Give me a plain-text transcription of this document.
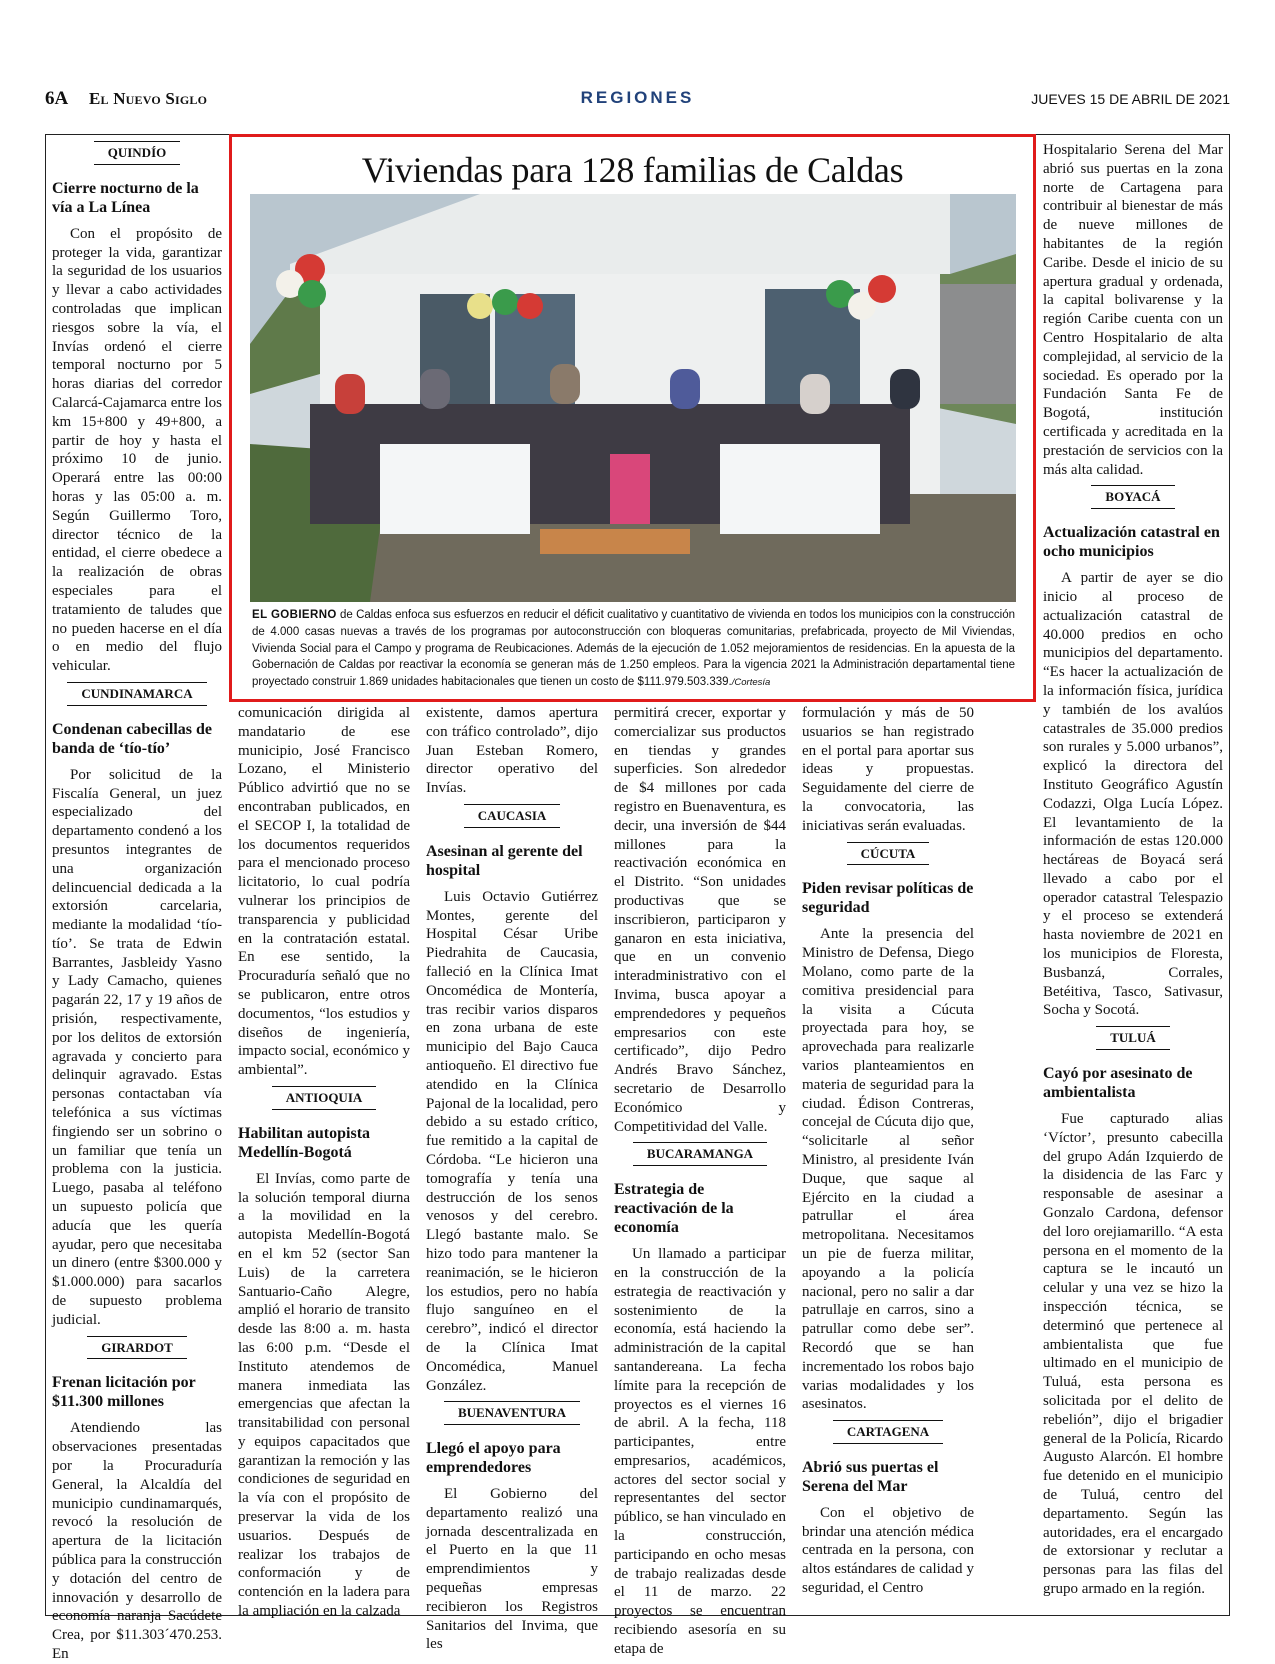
6A El Nuevo Siglo	REGIONES	JUEVES 15 DE ABRIL DE 2021
QUINDÍO
Cierre nocturno de la vía a La Línea

Con el propósito de proteger la vida, garantizar la seguridad de los usuarios y llevar a cabo actividades controladas que implican riesgos sobre la vía, el Invías ordenó el cierre temporal nocturno por 5 horas diarias del corredor Calarcá-Cajamarca entre los km 15+800 y 49+800, a partir de hoy y hasta el próximo 10 de junio. Operará entre las 00:00 horas y las 05:00 a. m. Según Guillermo Toro, director técnico de la entidad, el cierre obedece a la realización de obras especiales para el tratamiento de taludes que no pueden hacerse en el día o en medio del flujo vehicular.

CUNDINAMARCA
Condenan cabecillas de banda de ‘tío-tío’

Por solicitud de la Fiscalía General, un juez especializado del departamento condenó a los presuntos integrantes de una organización delincuencial dedicada a la extorsión carcelaria, mediante la modalidad ‘tío-tío’. Se trata de Edwin Barrantes, Jasbleidy Yasno y Lady Camacho, quienes pagarán 22, 17 y 19 años de prisión, respectivamente, por los delitos de extorsión agravada y concierto para delinquir agravado. Estas personas contactaban vía telefónica a sus víctimas fingiendo ser un sobrino o un familiar que tenía un problema con la justicia. Luego, pasaba al teléfono un supuesto policía que aducía que les quería ayudar, pero que necesitaba un dinero (entre $300.000 y $1.000.000) para sacarlos de supuesto problema judicial.

GIRARDOT
Frenan licitación por $11.300 millones

Atendiendo las observaciones presentadas por la Procuraduría General, la Alcaldía del municipio cundinamarqués, revocó la resolución de apertura de la licitación pública para la construcción y dotación del centro de innovación y desarrollo de economía naranja Sacúdete Crea, por $11.303´470.253. En

Viviendas para 128 familias de Caldas
EL GOBIERNO de Caldas enfoca sus esfuerzos en reducir el déficit cualitativo y cuantitativo de vivienda en todos los municipios con la construcción de 4.000 casas nuevas a través de los programas por autoconstrucción con bloqueras comunitarias, prefabricada, proyecto de Mil Viviendas, Vivienda Social para el Campo y programa de Reubicaciones. Además de la ejecución de 1.052 mejoramientos de residencias. En la apuesta de la Gobernación de Caldas por reactivar la economía se generan más de 1.250 empleos. Para la vigencia 2021 la Administración departamental tiene proyectado construir 1.869 unidades habitacionales que tienen un costo de $111.979.503.339./Cortesía

comunicación dirigida al mandatario de ese municipio, José Francisco Lozano, el Ministerio Público advirtió que no se encontraban publicados, en el SECOP I, la totalidad de los documentos requeridos para el mencionado proceso licitatorio, lo cual podría vulnerar los principios de transparencia y publicidad en la contratación estatal. En ese sentido, la Procuraduría señaló que no se publicaron, entre otros documentos, “los estudios y diseños de ingeniería, impacto social, económico y ambiental”.

ANTIOQUIA
Habilitan autopista Medellín-Bogotá

El Invías, como parte de la solución temporal diurna a la movilidad en la autopista Medellín-Bogotá en el km 52 (sector San Luis) de la carretera Santuario-Caño Alegre, amplió el horario de transito desde las 8:00 a. m. hasta las 6:00 p.m. “Desde el Instituto atendemos de manera inmediata las emergencias que afectan la transitabilidad con personal y equipos capacitados que garantizan la remoción y las condiciones de seguridad en la vía con el propósito de preservar la vida de los usuarios. Después de realizar los trabajos de conformación y de contención en la ladera para la ampliación en la calzada

existente, damos apertura con tráfico controlado”, dijo Juan Esteban Romero, director operativo del Invías.

CAUCASIA
Asesinan al gerente del hospital

Luis Octavio Gutiérrez Montes, gerente del Hospital César Uribe Piedrahita de Caucasia, falleció en la Clínica Imat Oncomédica de Montería, tras recibir varios disparos en zona urbana de este municipio del Bajo Cauca antioqueño. El directivo fue atendido en la Clínica Pajonal de la localidad, pero debido a su estado crítico, fue remitido a la capital de Córdoba. “Le hicieron una tomografía y tenía una destrucción de los senos venosos y del cerebro. Llegó bastante malo. Se hizo todo para mantener la reanimación, se le hicieron los estudios, pero no había flujo sanguíneo en el cerebro”, indicó el director de la Clínica Imat Oncomédica, Manuel González.

BUENAVENTURA
Llegó el apoyo para emprendedores

El Gobierno del departamento realizó una jornada descentralizada en el Puerto en la que 11 emprendimientos y pequeñas empresas recibieron los Registros Sanitarios del Invima, que les

permitirá crecer, exportar y comercializar sus productos en tiendas y grandes superficies. Son alrededor de $4 millones por cada registro en Buenaventura, es decir, una inversión de $44 millones para la reactivación económica en el Distrito. “Son unidades productivas que se inscribieron, participaron y ganaron en esta iniciativa, que en un convenio interadministrativo con el Invima, busca apoyar a emprendedores y pequeños empresarios con este certificado”, dijo Pedro Andrés Bravo Sánchez, secretario de Desarrollo Económico y Competitividad del Valle.

BUCARAMANGA
Estrategia de reactivación de la economía

Un llamado a participar en la construcción de la estrategia de reactivación y sostenimiento de la economía, está haciendo la administración de la capital santandereana. La fecha límite para la recepción de proyectos es el viernes 16 de abril. A la fecha, 118 participantes, entre empresarios, académicos, actores del sector social y representantes del sector público, se han vinculado en la construcción, participando en ocho mesas de trabajo realizadas desde el 11 de marzo. 22 proyectos se encuentran recibiendo asesoría en su etapa de

formulación y más de 50 usuarios se han registrado en el portal para aportar sus ideas y propuestas. Seguidamente del cierre de la convocatoria, las iniciativas serán evaluadas.

CÚCUTA
Piden revisar políticas de seguridad

Ante la presencia del Ministro de Defensa, Diego Molano, como parte de la comitiva presidencial para la visita a Cúcuta proyectada para hoy, se aprovechada para realizarle varios planteamientos en materia de seguridad para la ciudad. Édison Contreras, concejal de Cúcuta dijo que, “solicitarle al señor Ministro, al presidente Iván Duque, que saque al Ejército en la ciudad a patrullar el área metropolitana. Necesitamos un pie de fuerza militar, apoyando a la policía nacional, pero no salir a dar patrullaje en carros, sino a patrullar como debe ser”. Recordó que se han incrementado los robos bajo varias modalidades y los asesinatos.

CARTAGENA
Abrió sus puertas el Serena del Mar

Con el objetivo de brindar una atención médica centrada en la persona, con altos estándares de calidad y seguridad, el Centro

Hospitalario Serena del Mar abrió sus puertas en la zona norte de Cartagena para contribuir al bienestar de más de nueve millones de habitantes de la región Caribe. Desde el inicio de su apertura gradual y ordenada, la capital bolivarense y la región Caribe cuenta con un Centro Hospitalario de alta complejidad, al servicio de la sociedad. Es operado por la Fundación Santa Fe de Bogotá, institución certificada y acreditada en la prestación de servicios con la más alta calidad.

BOYACÁ
Actualización catastral en ocho municipios

A partir de ayer se dio inicio al proceso de actualización catastral de 40.000 predios en ocho municipios del departamento. “Es hacer la actualización de la información física, jurídica y también de los avalúos catastrales de 35.000 predios son rurales y 5.000 urbanos”, explicó la directora del Instituto Geográfico Agustín Codazzi, Olga Lucía López. El levantamiento de la información de estas 120.000 hectáreas de Boyacá será llevado a cabo por el operador catastral Telespazio y el proceso se extenderá hasta noviembre de 2021 en los municipios de Floresta, Busbanzá, Corrales, Betéitiva, Tasco, Sativasur, Socha y Socotá.

TULUÁ
Cayó por asesinato de ambientalista

Fue capturado alias ‘Víctor’, presunto cabecilla del grupo Adán Izquierdo de la disidencia de las Farc y responsable de asesinar a Gonzalo Cardona, defensor del loro orejiamarillo. “A esta persona en el momento de la captura se le incautó un celular y una vez se hizo la inspección técnica, se determinó que pertenece al ambientalista que fue ultimado en el municipio de Tuluá, esta persona es solicitada por el delito de rebelión”, dijo el brigadier general de la Policía, Ricardo Augusto Alarcón. El hombre fue detenido en el municipio de Tuluá, centro del departamento. Según las autoridades, era el encargado de extorsionar y reclutar a personas para las filas del grupo armado en la región.
